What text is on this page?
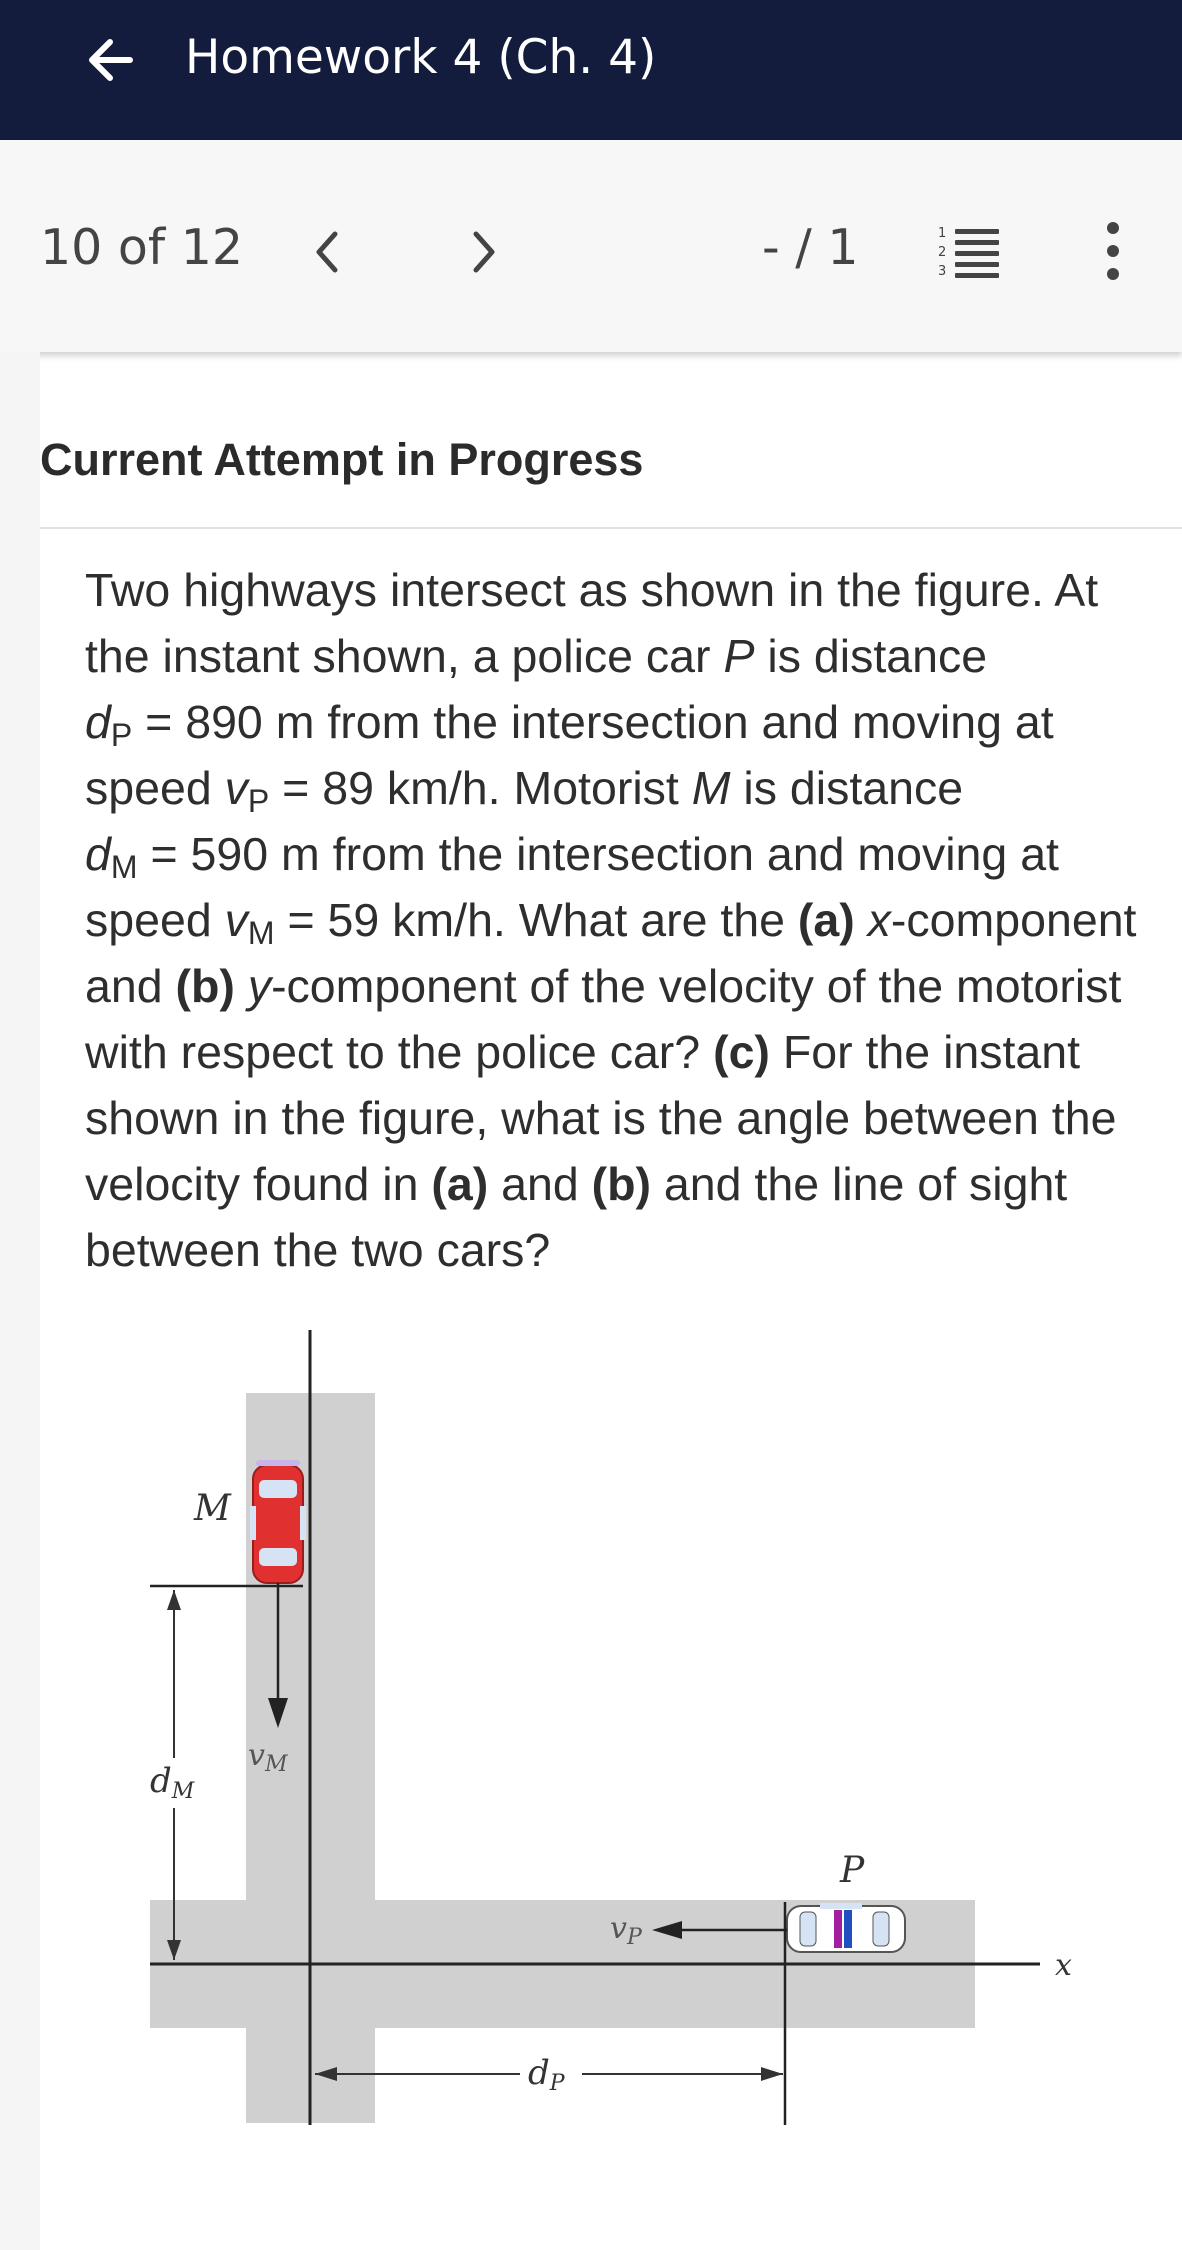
Homework 4 (Ch. 4)
10 of 12	- / 1	1
2
3
Current Attempt in Progress
Two highways intersect as shown in the figure. At the instant shown, a police car P is distance
$d_P = 890$ m from the intersection and moving at speed $v_P = 89$ km/h. Motorist M is distance
$d_M = 590$ m from the intersection and moving at speed $v_M = 59$ km/h. What are the (a) x-component and (b) y-component of the velocity of the motorist with respect to the police car? (c) For the instant shown in the figure, what is the angle between the velocity found in (a) and (b) and the line of sight between the two cars?
x
M
$v_M$
dM
P
$v_P$
dP
